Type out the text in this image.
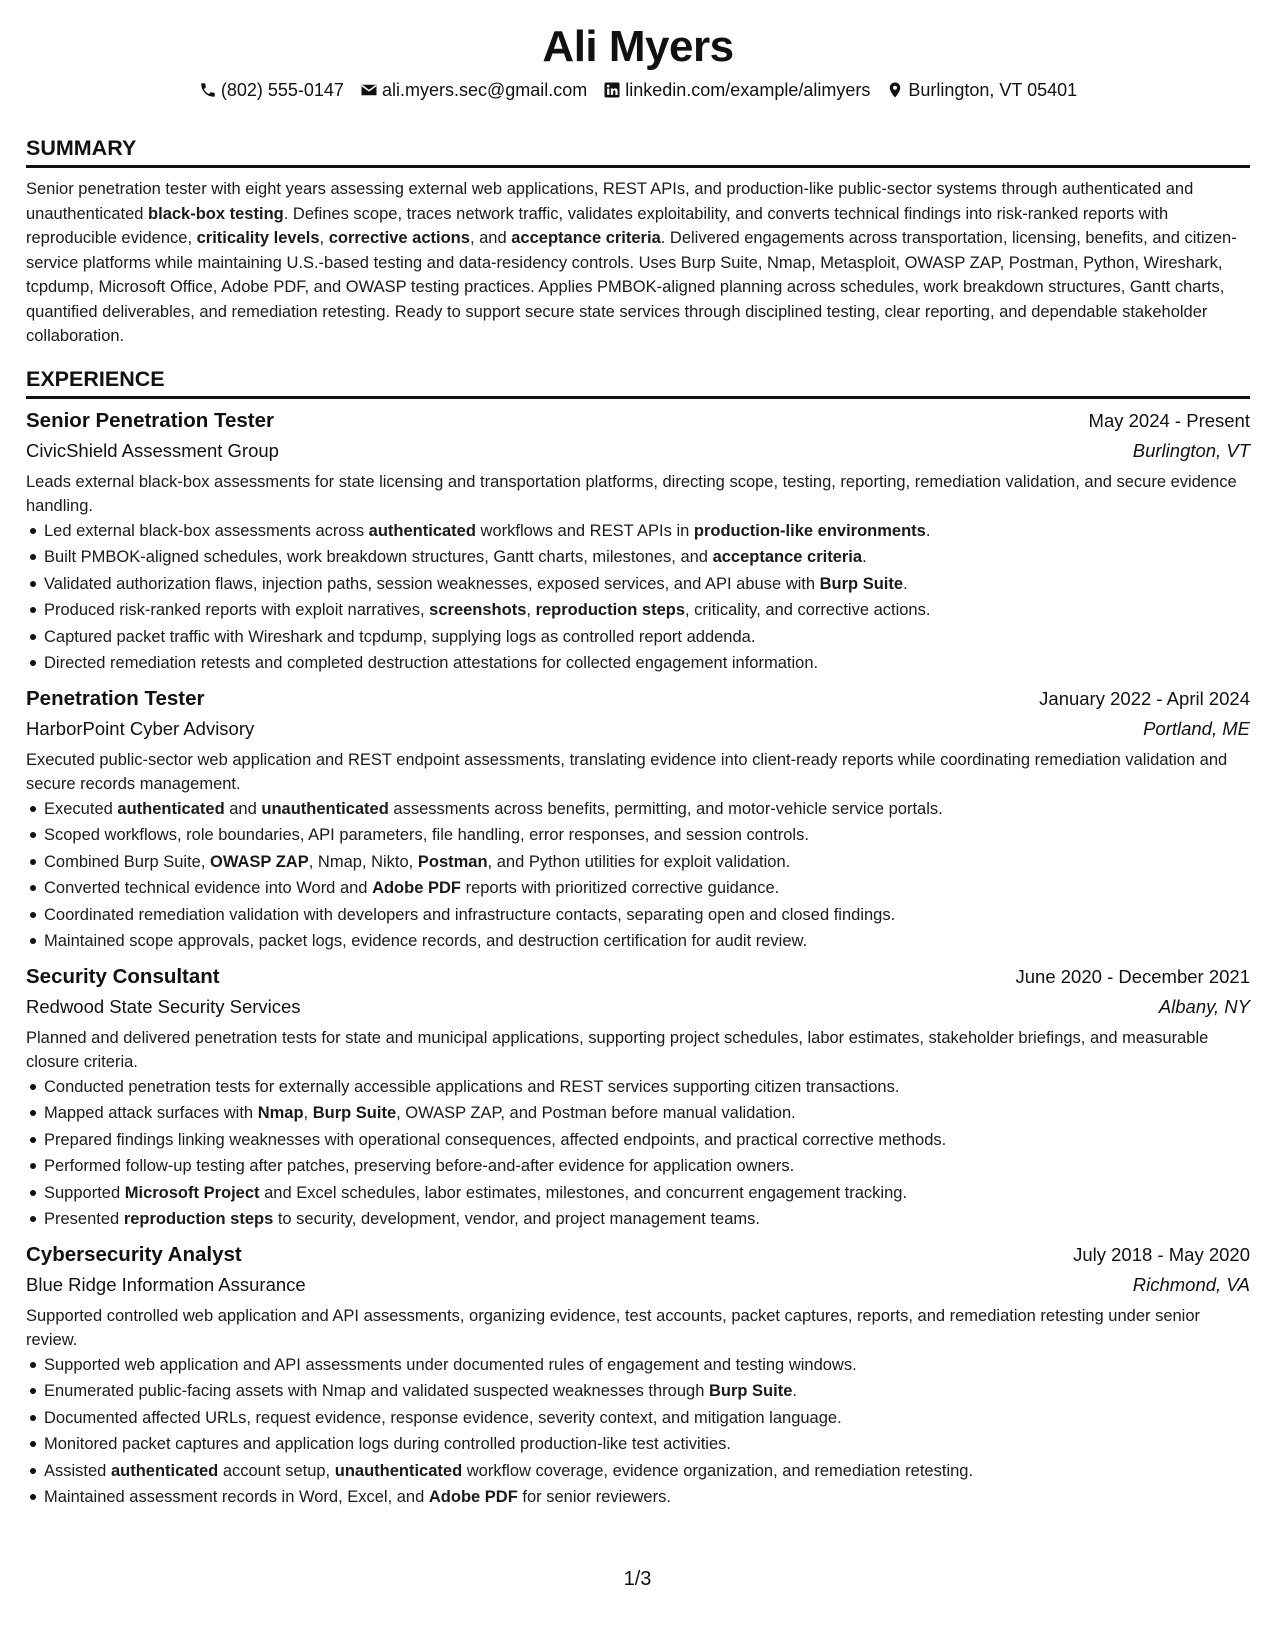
Ali Myers
(802) 555-0147 ali.myers.sec@gmail.com linkedin.com/example/alimyers Burlington, VT 05401
SUMMARY
Senior penetration tester with eight years assessing external web applications, REST APIs, and production-like public-sector systems through authenticated and unauthenticated black-box testing. Defines scope, traces network traffic, validates exploitability, and converts technical findings into risk-ranked reports with reproducible evidence, criticality levels, corrective actions, and acceptance criteria. Delivered engagements across transportation, licensing, benefits, and citizen-service platforms while maintaining U.S.-based testing and data-residency controls. Uses Burp Suite, Nmap, Metasploit, OWASP ZAP, Postman, Python, Wireshark, tcpdump, Microsoft Office, Adobe PDF, and OWASP testing practices. Applies PMBOK-aligned planning across schedules, work breakdown structures, Gantt charts, quantified deliverables, and remediation retesting. Ready to support secure state services through disciplined testing, clear reporting, and dependable stakeholder collaboration.
EXPERIENCE
Senior Penetration Tester	May 2024 - Present
CivicShield Assessment Group	Burlington, VT
Leads external black-box assessments for state licensing and transportation platforms, directing scope, testing, reporting, remediation validation, and secure evidence handling.
Led external black-box assessments across authenticated workflows and REST APIs in production-like environments.
Built PMBOK-aligned schedules, work breakdown structures, Gantt charts, milestones, and acceptance criteria.
Validated authorization flaws, injection paths, session weaknesses, exposed services, and API abuse with Burp Suite.
Produced risk-ranked reports with exploit narratives, screenshots, reproduction steps, criticality, and corrective actions.
Captured packet traffic with Wireshark and tcpdump, supplying logs as controlled report addenda.
Directed remediation retests and completed destruction attestations for collected engagement information.
Penetration Tester	January 2022 - April 2024
HarborPoint Cyber Advisory	Portland, ME
Executed public-sector web application and REST endpoint assessments, translating evidence into client-ready reports while coordinating remediation validation and secure records management.
Executed authenticated and unauthenticated assessments across benefits, permitting, and motor-vehicle service portals.
Scoped workflows, role boundaries, API parameters, file handling, error responses, and session controls.
Combined Burp Suite, OWASP ZAP, Nmap, Nikto, Postman, and Python utilities for exploit validation.
Converted technical evidence into Word and Adobe PDF reports with prioritized corrective guidance.
Coordinated remediation validation with developers and infrastructure contacts, separating open and closed findings.
Maintained scope approvals, packet logs, evidence records, and destruction certification for audit review.
Security Consultant	June 2020 - December 2021
Redwood State Security Services	Albany, NY
Planned and delivered penetration tests for state and municipal applications, supporting project schedules, labor estimates, stakeholder briefings, and measurable closure criteria.
Conducted penetration tests for externally accessible applications and REST services supporting citizen transactions.
Mapped attack surfaces with Nmap, Burp Suite, OWASP ZAP, and Postman before manual validation.
Prepared findings linking weaknesses with operational consequences, affected endpoints, and practical corrective methods.
Performed follow-up testing after patches, preserving before-and-after evidence for application owners.
Supported Microsoft Project and Excel schedules, labor estimates, milestones, and concurrent engagement tracking.
Presented reproduction steps to security, development, vendor, and project management teams.
Cybersecurity Analyst	July 2018 - May 2020
Blue Ridge Information Assurance	Richmond, VA
Supported controlled web application and API assessments, organizing evidence, test accounts, packet captures, reports, and remediation retesting under senior review.
Supported web application and API assessments under documented rules of engagement and testing windows.
Enumerated public-facing assets with Nmap and validated suspected weaknesses through Burp Suite.
Documented affected URLs, request evidence, response evidence, severity context, and mitigation language.
Monitored packet captures and application logs during controlled production-like test activities.
Assisted authenticated account setup, unauthenticated workflow coverage, evidence organization, and remediation retesting.
Maintained assessment records in Word, Excel, and Adobe PDF for senior reviewers.
1/3
